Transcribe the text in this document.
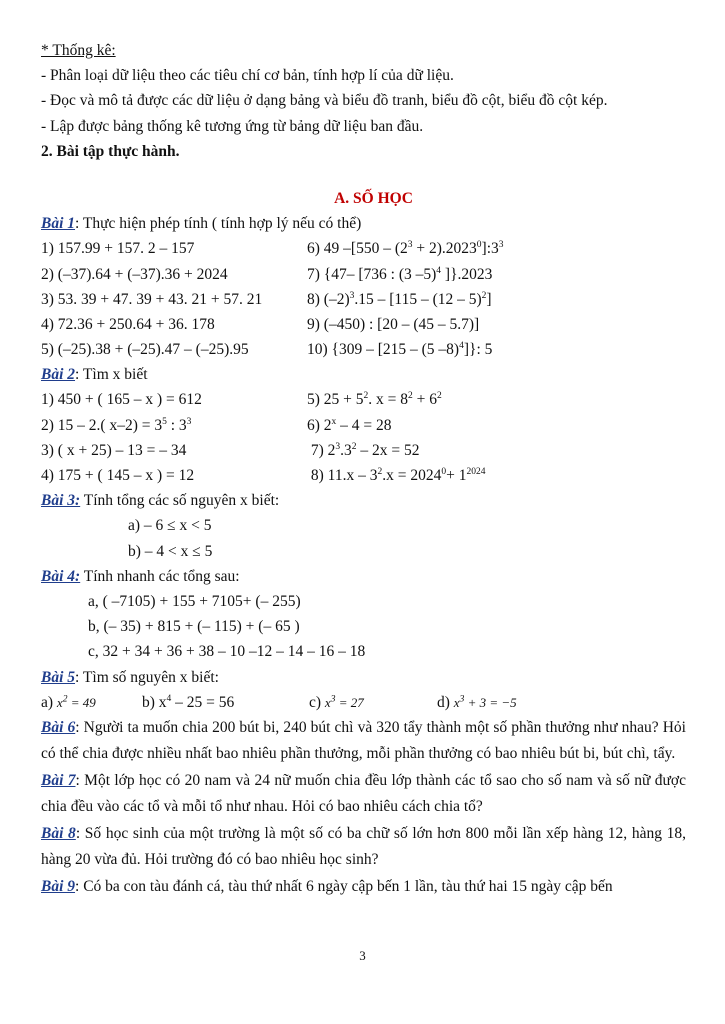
* Thống kê:
- Phân loại dữ liệu theo các tiêu chí cơ bản, tính hợp lí của dữ liệu.
- Đọc và mô tả được các dữ liệu ở dạng bảng và biểu đồ tranh, biểu đồ cột, biểu đồ cột kép.
- Lập được bảng thống kê tương ứng từ bảng dữ liệu ban đầu.
2. Bài tập thực hành.
A. SỐ HỌC
Bài 1: Thực hiện phép tính ( tính hợp lý nếu có thể)
1) 157.99 + 157. 2 – 157	6) 49 $-[550 - (2^3$ + $2).2023^0]:3^3$
2) (–37).64 + (–37).36 + 2024	7) {47– [736 : (3 –5)$^4$ ]}.2023
3) 53. 39 + 47. 39 + 43. 21 + 57. 21	8) $(-2)^3.15 - [115 - (12 - 5)^2]$
4) 72.36 + 250.64 + 36. 178	9) (–450) : [20 – (45 – 5.7)]
5) (–25).38 + (–25).47 – (–25).95	10) {309 – [215 – (5 –8)$^4$]}: 5
Bài 2: Tìm x biết
1) 450 + ( 165 – x ) = 612	5) $25 + 5^2$. $x = 8^2 + 6^2$
2) 15 – 2.( $x-2) = 3^5$ : $3^3$	6) 2$^x$ – 4 = 28
3) ( x + 25) – 13 = – 34	7) $2^3.3^2 - 2x = 52$
4) 175 + ( 145 – x ) = 12	8) $11.x - 3^2.x = 2024^0+ 1^{2024}$
Bài 3: Tính tổng các số nguyên x biết:
a) – 6 ≤ x < 5
b) – 4 < x ≤ 5
Bài 4: Tính nhanh các tổng sau:
a, ( –7105) + 155 + 7105+ (– 255)
b, (– 35) + 815 + (– 115) + (– 65 )
c, 32 + 34 + 36 + 38 – 10 –12 – 14 – 16 – 18
Bài 5: Tìm số nguyên x biết:
a) $x^2 = 49$	b) $x^4 - 25 = 56$	c) $x^3 = 27$	d) $x^3 + 3 = -5$
Bài 6: Người ta muốn chia 200 bút bi, 240 bút chì và 320 tẩy thành một số phần thưởng như nhau? Hỏi có thể chia được nhiều nhất bao nhiêu phần thưởng, mỗi phần thưởng có bao nhiêu bút bi, bút chì, tẩy.
Bài 7: Một lớp học có 20 nam và 24 nữ muốn chia đều lớp thành các tổ sao cho số nam và số nữ được chia đều vào các tổ và mỗi tổ như nhau. Hỏi có bao nhiêu cách chia tổ?
Bài 8: Số học sinh của một trường là một số có ba chữ số lớn hơn 800 mỗi lần xếp hàng 12, hàng 18, hàng 20 vừa đủ. Hỏi trường đó có bao nhiêu học sinh?
Bài 9: Có ba con tàu đánh cá, tàu thứ nhất 6 ngày cập bến 1 lần, tàu thứ hai 15 ngày cập bến
3
